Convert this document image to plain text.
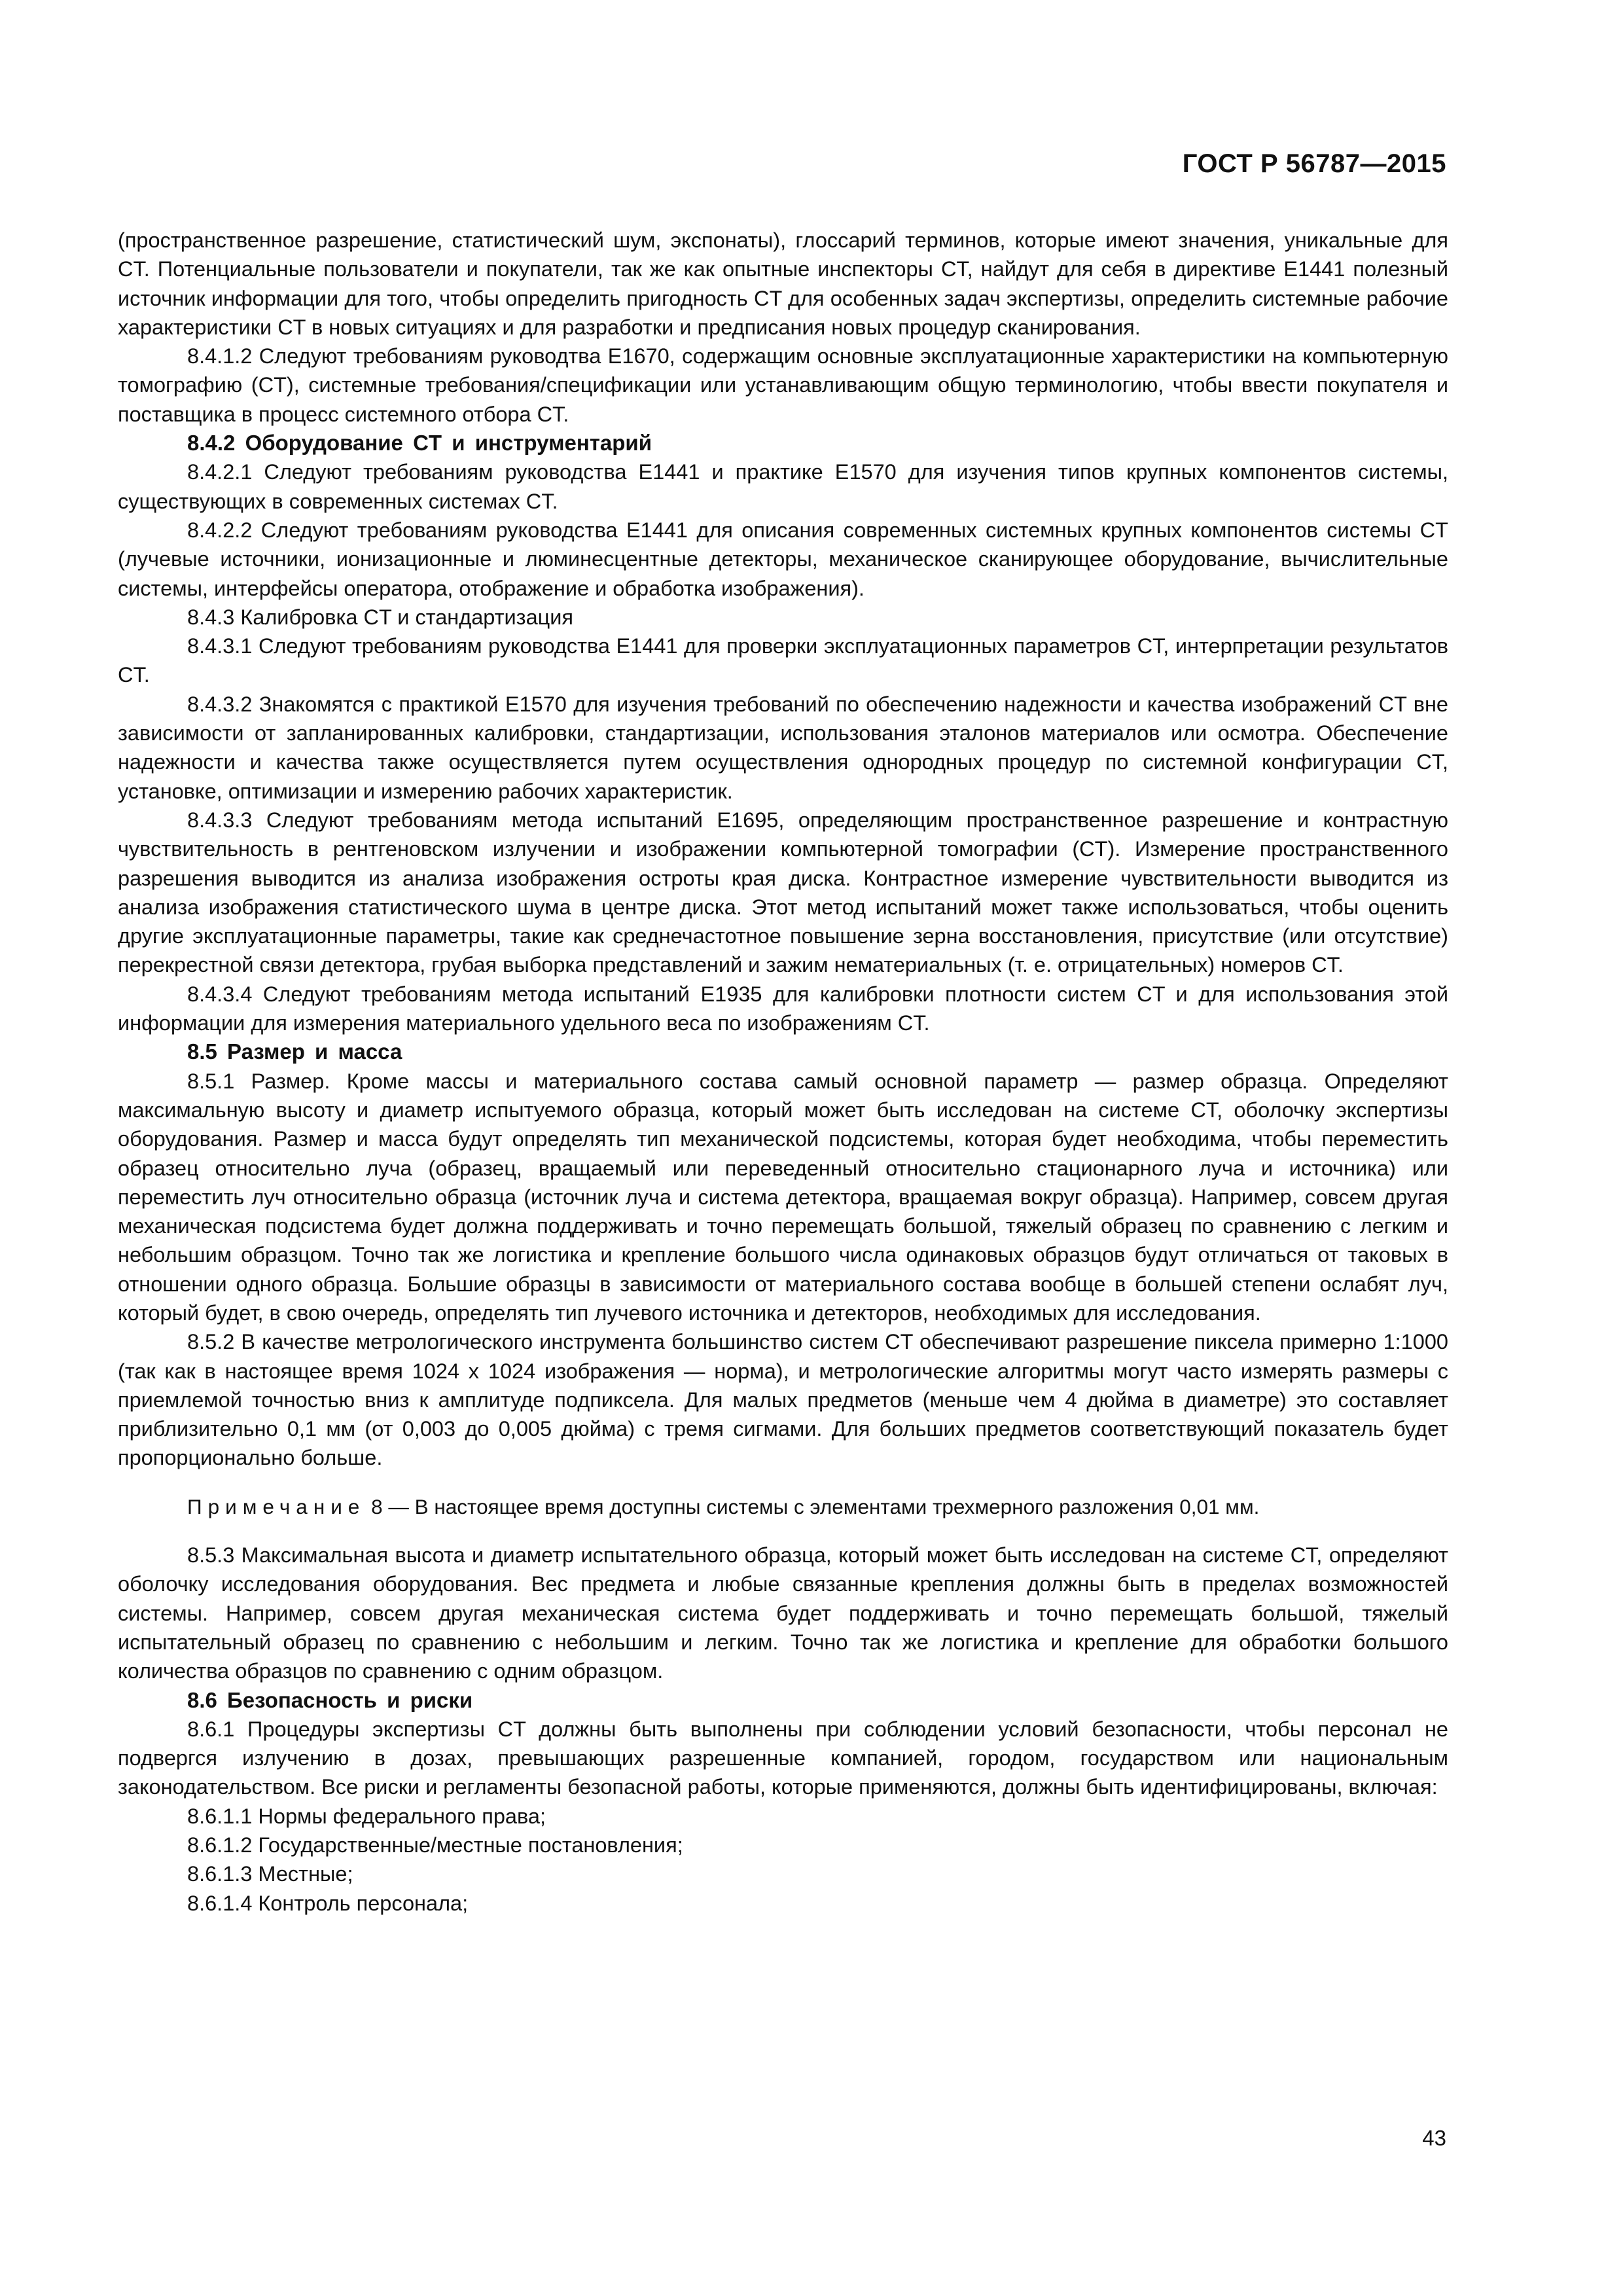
ГОСТ Р 56787—2015

(пространственное разрешение, статистический шум, экспонаты), глоссарий терминов, которые имеют значения, уникальные для CT. Потенциальные пользователи и покупатели, так же как опытные инспекторы CT, найдут для себя в директиве E1441 полезный источник информации для того, чтобы определить пригодность CT для особенных задач экспертизы, определить системные рабочие характеристики CT в новых ситуациях и для разработки и предписания новых процедур сканирования.

8.4.1.2 Следуют требованиям руководтва E1670, содержащим основные эксплуатационные характеристики на компьютерную томографию (CT), системные требования/спецификации или устанавливающим общую терминологию, чтобы ввести покупателя и поставщика в процесс системного отбора CT.

8.4.2 Оборудование CT и инструментарий

8.4.2.1 Следуют требованиям руководства E1441 и практике E1570 для изучения типов крупных компонентов системы, существующих в современных системах CT.

8.4.2.2 Следуют требованиям руководства E1441 для описания современных системных крупных компонентов системы CT (лучевые источники, ионизационные и люминесцентные детекторы, механическое сканирующее оборудование, вычислительные системы, интерфейсы оператора, отображение и обработка изображения).

8.4.3 Калибровка CT и стандартизация

8.4.3.1 Следуют требованиям руководства E1441 для проверки эксплуатационных параметров CT, интерпретации результатов CT.

8.4.3.2 Знакомятся с практикой E1570 для изучения требований по обеспечению надежности и качества изображений CT вне зависимости от запланированных калибровки, стандартизации, использования эталонов материалов или осмотра. Обеспечение надежности и качества также осуществляется путем осуществления однородных процедур по системной конфигурации CT, установке, оптимизации и измерению рабочих характеристик.

8.4.3.3 Следуют требованиям метода испытаний E1695, определяющим пространственное разрешение и контрастную чувствительность в рентгеновском излучении и изображении компьютерной томографии (CT). Измерение пространственного разрешения выводится из анализа изображения остроты края диска. Контрастное измерение чувствительности выводится из анализа изображения статистического шума в центре диска. Этот метод испытаний может также использоваться, чтобы оценить другие эксплуатационные параметры, такие как среднечастотное повышение зерна восстановления, присутствие (или отсутствие) перекрестной связи детектора, грубая выборка представлений и зажим нематериальных (т. е. отрицательных) номеров CT.

8.4.3.4 Следуют требованиям метода испытаний E1935 для калибровки плотности систем CT и для использования этой информации для измерения материального удельного веса по изображениям CT.

8.5 Размер и масса

8.5.1 Размер. Кроме массы и материального состава самый основной параметр — размер образца. Определяют максимальную высоту и диаметр испытуемого образца, который может быть исследован на системе CT, оболочку экспертизы оборудования. Размер и масса будут определять тип механической подсистемы, которая будет необходима, чтобы переместить образец относительно луча (образец, вращаемый или переведенный относительно стационарного луча и источника) или переместить луч относительно образца (источник луча и система детектора, вращаемая вокруг образца). Например, совсем другая механическая подсистема будет должна поддерживать и точно перемещать большой, тяжелый образец по сравнению с легким и небольшим образцом. Точно так же логистика и крепление большого числа одинаковых образцов будут отличаться от таковых в отношении одного образца. Большие образцы в зависимости от материального состава вообще в большей степени ослабят луч, который будет, в свою очередь, определять тип лучевого источника и детекторов, необходимых для исследования.

8.5.2 В качестве метрологического инструмента большинство систем CT обеспечивают разрешение пиксела примерно 1:1000 (так как в настоящее время 1024 x 1024 изображения — норма), и метрологические алгоритмы могут часто измерять размеры с приемлемой точностью вниз к амплитуде подпиксела. Для малых предметов (меньше чем 4 дюйма в диаметре) это составляет приблизительно 0,1 мм (от 0,003 до 0,005 дюйма) с тремя сигмами. Для больших предметов соответствующий показатель будет пропорционально больше.

Примечание 8 — В настоящее время доступны системы с элементами трехмерного разложения 0,01 мм.

8.5.3 Максимальная высота и диаметр испытательного образца, который может быть исследован на системе CT, определяют оболочку исследования оборудования. Вес предмета и любые связанные крепления должны быть в пределах возможностей системы. Например, совсем другая механическая система будет поддерживать и точно перемещать большой, тяжелый испытательный образец по сравнению с небольшим и легким. Точно так же логистика и крепление для обработки большого количества образцов по сравнению с одним образцом.

8.6 Безопасность и риски

8.6.1 Процедуры экспертизы CT должны быть выполнены при соблюдении условий безопасности, чтобы персонал не подвергся излучению в дозах, превышающих разрешенные компанией, городом, государством или национальным законодательством. Все риски и регламенты безопасной работы, которые применяются, должны быть идентифицированы, включая:

8.6.1.1 Нормы федерального права;

8.6.1.2 Государственные/местные постановления;

8.6.1.3 Местные;

8.6.1.4 Контроль персонала;

43
